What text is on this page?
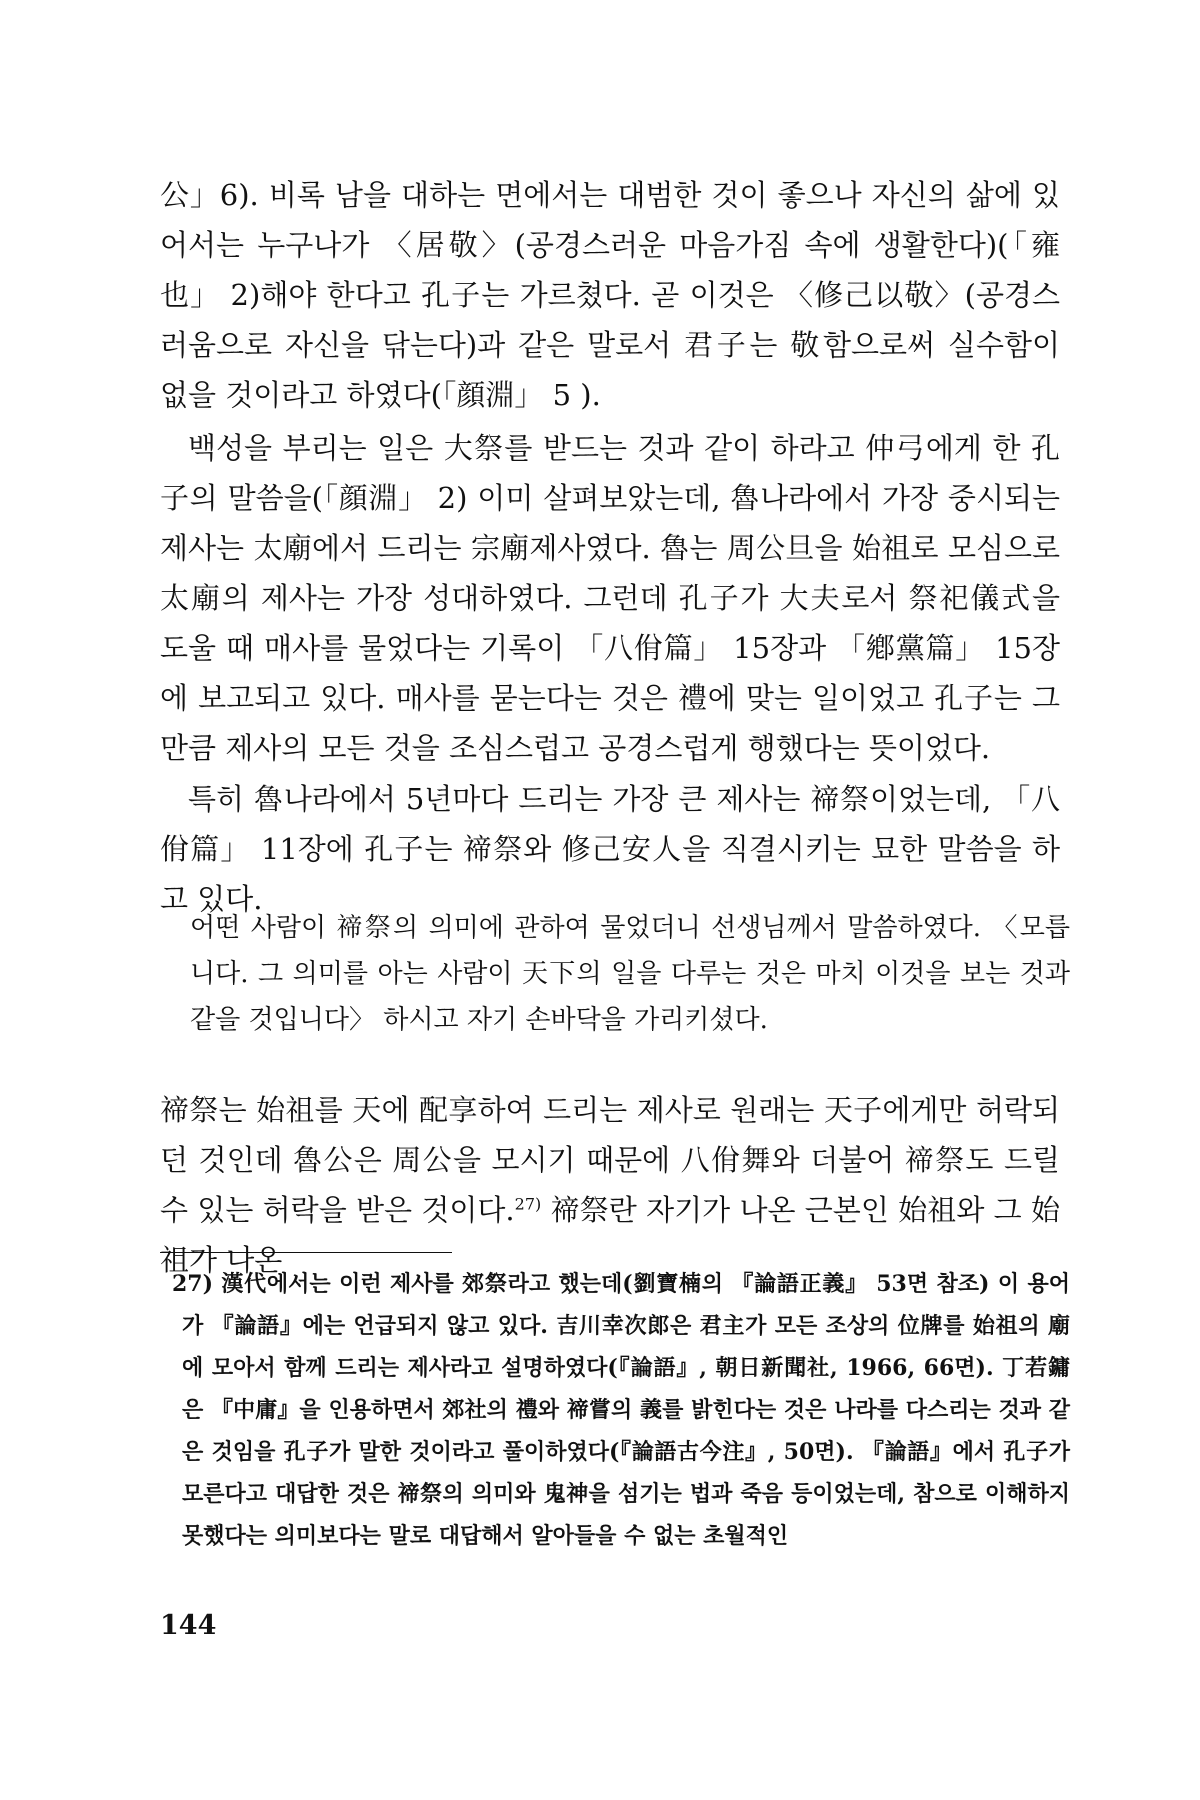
公」6). 비록 남을 대하는 면에서는 대범한 것이 좋으나 자신의 삶에 있어서는 누구나가 〈居敬〉(공경스러운 마음가짐 속에 생활한다)(「雍也」 2)해야 한다고 孔子는 가르쳤다. 곧 이것은 〈修己以敬〉(공경스러움으로 자신을 닦는다)과 같은 말로서 君子는 敬함으로써 실수함이 없을 것이라고 하였다(「顔淵」 5 ).

백성을 부리는 일은 大祭를 받드는 것과 같이 하라고 仲弓에게 한 孔子의 말씀을(「顔淵」 2) 이미 살펴보았는데, 魯나라에서 가장 중시되는 제사는 太廟에서 드리는 宗廟제사였다. 魯는 周公旦을 始祖로 모심으로 太廟의 제사는 가장 성대하였다. 그런데 孔子가 大夫로서 祭祀儀式을 도울 때 매사를 물었다는 기록이 「八佾篇」 15장과 「鄕黨篇」 15장에 보고되고 있다. 매사를 묻는다는 것은 禮에 맞는 일이었고 孔子는 그만큼 제사의 모든 것을 조심스럽고 공경스럽게 행했다는 뜻이었다.

특히 魯나라에서 5년마다 드리는 가장 큰 제사는 禘祭이었는데, 「八佾篇」 11장에 孔子는 禘祭와 修己安人을 직결시키는 묘한 말씀을 하고 있다.

어떤 사람이 禘祭의 의미에 관하여 물었더니 선생님께서 말씀하였다. 〈모릅니다. 그 의미를 아는 사람이 天下의 일을 다루는 것은 마치 이것을 보는 것과 같을 것입니다〉 하시고 자기 손바닥을 가리키셨다.

禘祭는 始祖를 天에 配享하여 드리는 제사로 원래는 天子에게만 허락되던 것인데 魯公은 周公을 모시기 때문에 八佾舞와 더불어 禘祭도 드릴 수 있는 허락을 받은 것이다.$^{27)}$ 禘祭란 자기가 나온 근본인 始祖와 그 始祖가 나온

27) 漢代에서는 이런 제사를 郊祭라고 했는데(劉寶楠의 『論語正義』 53면 참조) 이 용어가 『論語』에는 언급되지 않고 있다. 吉川幸次郎은 君主가 모든 조상의 位牌를 始祖의 廟에 모아서 함께 드리는 제사라고 설명하였다(『論語』, 朝日新聞社, 1966, 66면). 丁若鏞은 『中庸』을 인용하면서 郊社의 禮와 禘嘗의 義를 밝힌다는 것은 나라를 다스리는 것과 같은 것임을 孔子가 말한 것이라고 풀이하였다(『論語古今注』, 50면). 『論語』에서 孔子가 모른다고 대답한 것은 禘祭의 의미와 鬼神을 섬기는 법과 죽음 등이었는데, 참으로 이해하지 못했다는 의미보다는 말로 대답해서 알아들을 수 없는 초월적인

144
